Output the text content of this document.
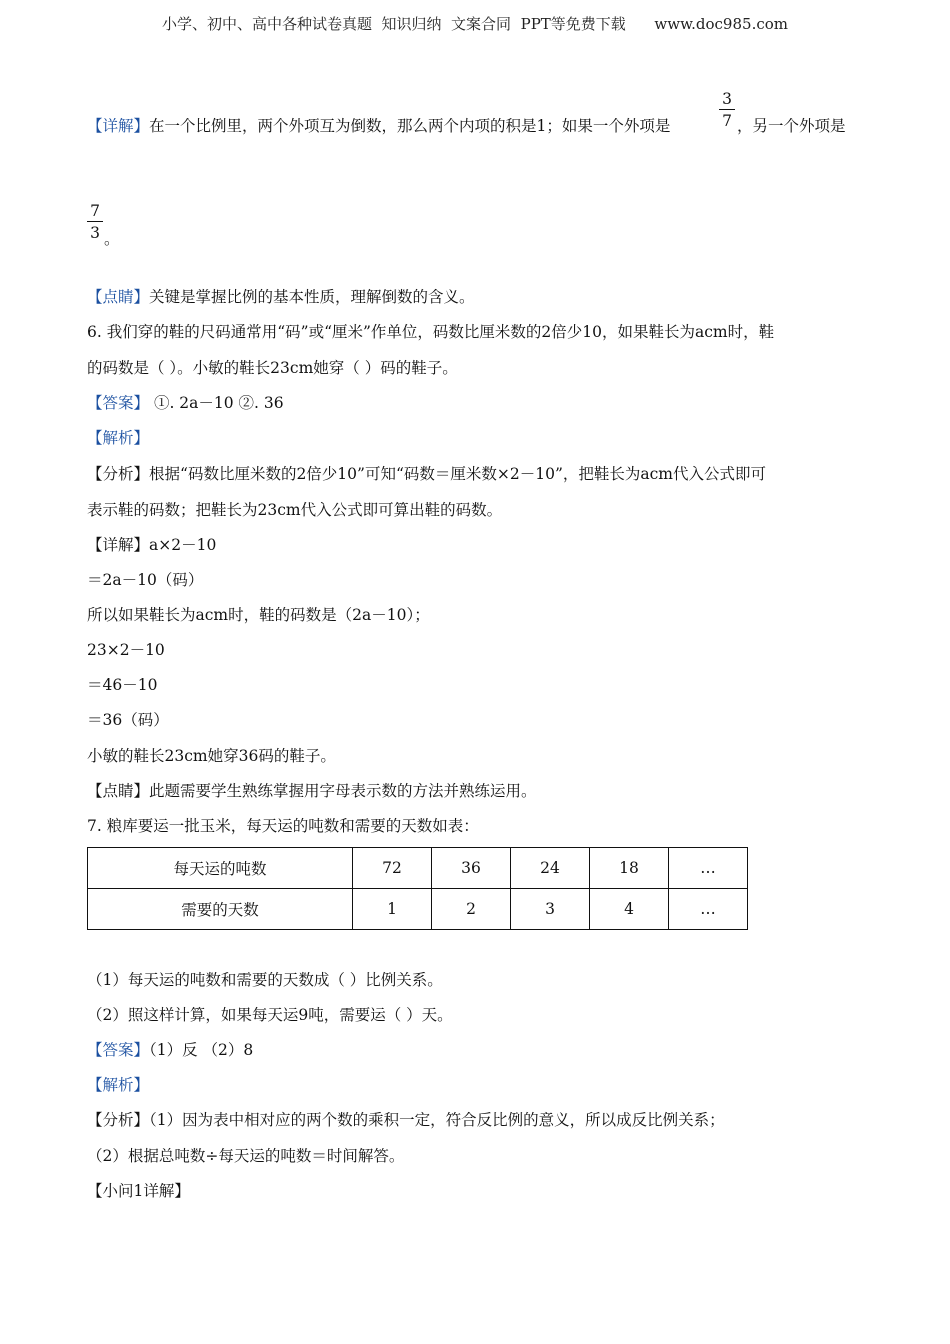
小学、初中、高中各种试卷真题  知识归纳  文案合同  PPT等免费下载      www.doc985.com
【详解】在一个比例里，两个外项互为倒数，那么两个内项的积是1；如果一个外项是
3
7 ，另一个外项是
7
3 。
【点睛】关键是掌握比例的基本性质，理解倒数的含义。
6. 我们穿的鞋的尺码通常用“码”或“厘米”作单位，码数比厘米数的2倍少10，如果鞋长为acm时，鞋
的码数是（ ）。小敏的鞋长23cm她穿（ ）码的鞋子。
【答案】 ①. 2a－10 ②. 36
【解析】
【分析】根据“码数比厘米数的2倍少10”可知“码数＝厘米数×2－10”，把鞋长为acm代入公式即可
表示鞋的码数；把鞋长为23cm代入公式即可算出鞋的码数。
【详解】a×2－10
＝2a－10（码）
所以如果鞋长为acm时，鞋的码数是（2a－10）；
23×2－10
＝46－10
＝36（码）
小敏的鞋长23cm她穿36码的鞋子。
【点睛】此题需要学生熟练掌握用字母表示数的方法并熟练运用。
7. 粮库要运一批玉米，每天运的吨数和需要的天数如表：
每天运的吨数	72	36	24	18	…
需要的天数	1	2	3	4	…
（1）每天运的吨数和需要的天数成（ ）比例关系。
（2）照这样计算，如果每天运9吨，需要运（ ）天。
【答案】（1）反 （2）8
【解析】
【分析】（1）因为表中相对应的两个数的乘积一定，符合反比例的意义，所以成反比例关系；
（2）根据总吨数÷每天运的吨数＝时间解答。
【小问1详解】
